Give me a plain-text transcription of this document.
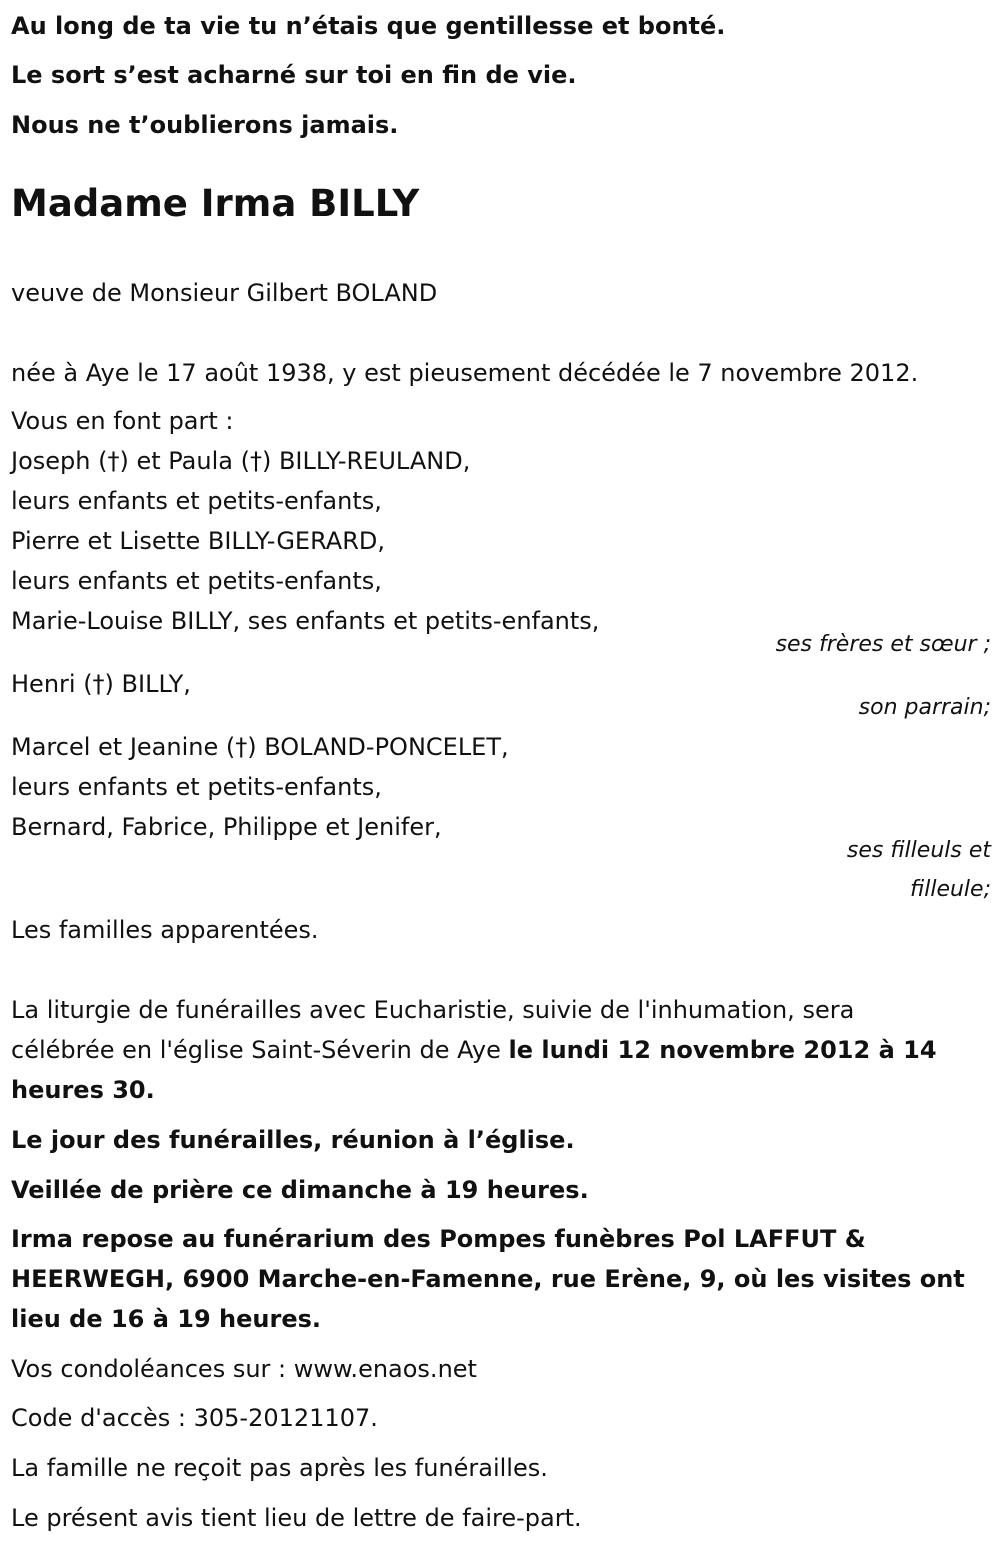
Au long de ta vie tu n’étais que gentillesse et bonté.
Le sort s’est acharné sur toi en fin de vie.
Nous ne t’oublierons jamais.
Madame Irma BILLY
veuve de Monsieur Gilbert BOLAND
née à Aye le 17 août 1938, y est pieusement décédée le 7 novembre 2012.
Vous en font part :
Joseph (†) et Paula (†) BILLY-REULAND,
leurs enfants et petits-enfants,
Pierre et Lisette BILLY-GERARD,
leurs enfants et petits-enfants,
Marie-Louise BILLY, ses enfants et petits-enfants,
ses frères et sœur ;
Henri (†) BILLY,
son parrain;
Marcel et Jeanine (†) BOLAND-PONCELET,
leurs enfants et petits-enfants,
Bernard, Fabrice, Philippe et Jenifer,
ses filleuls et
filleule;
Les familles apparentées.
La liturgie de funérailles avec Eucharistie, suivie de l'inhumation, sera
célébrée en l'église Saint-Séverin de Aye le lundi 12 novembre 2012 à 14
heures 30.
Le jour des funérailles, réunion à l’église.
Veillée de prière ce dimanche à 19 heures.
Irma repose au funérarium des Pompes funèbres Pol LAFFUT &
HEERWEGH, 6900 Marche-en-Famenne, rue Erène, 9, où les visites ont
lieu de 16 à 19 heures.
Vos condoléances sur : www.enaos.net
Code d'accès : 305-20121107.
La famille ne reçoit pas après les funérailles.
Le présent avis tient lieu de lettre de faire-part.
